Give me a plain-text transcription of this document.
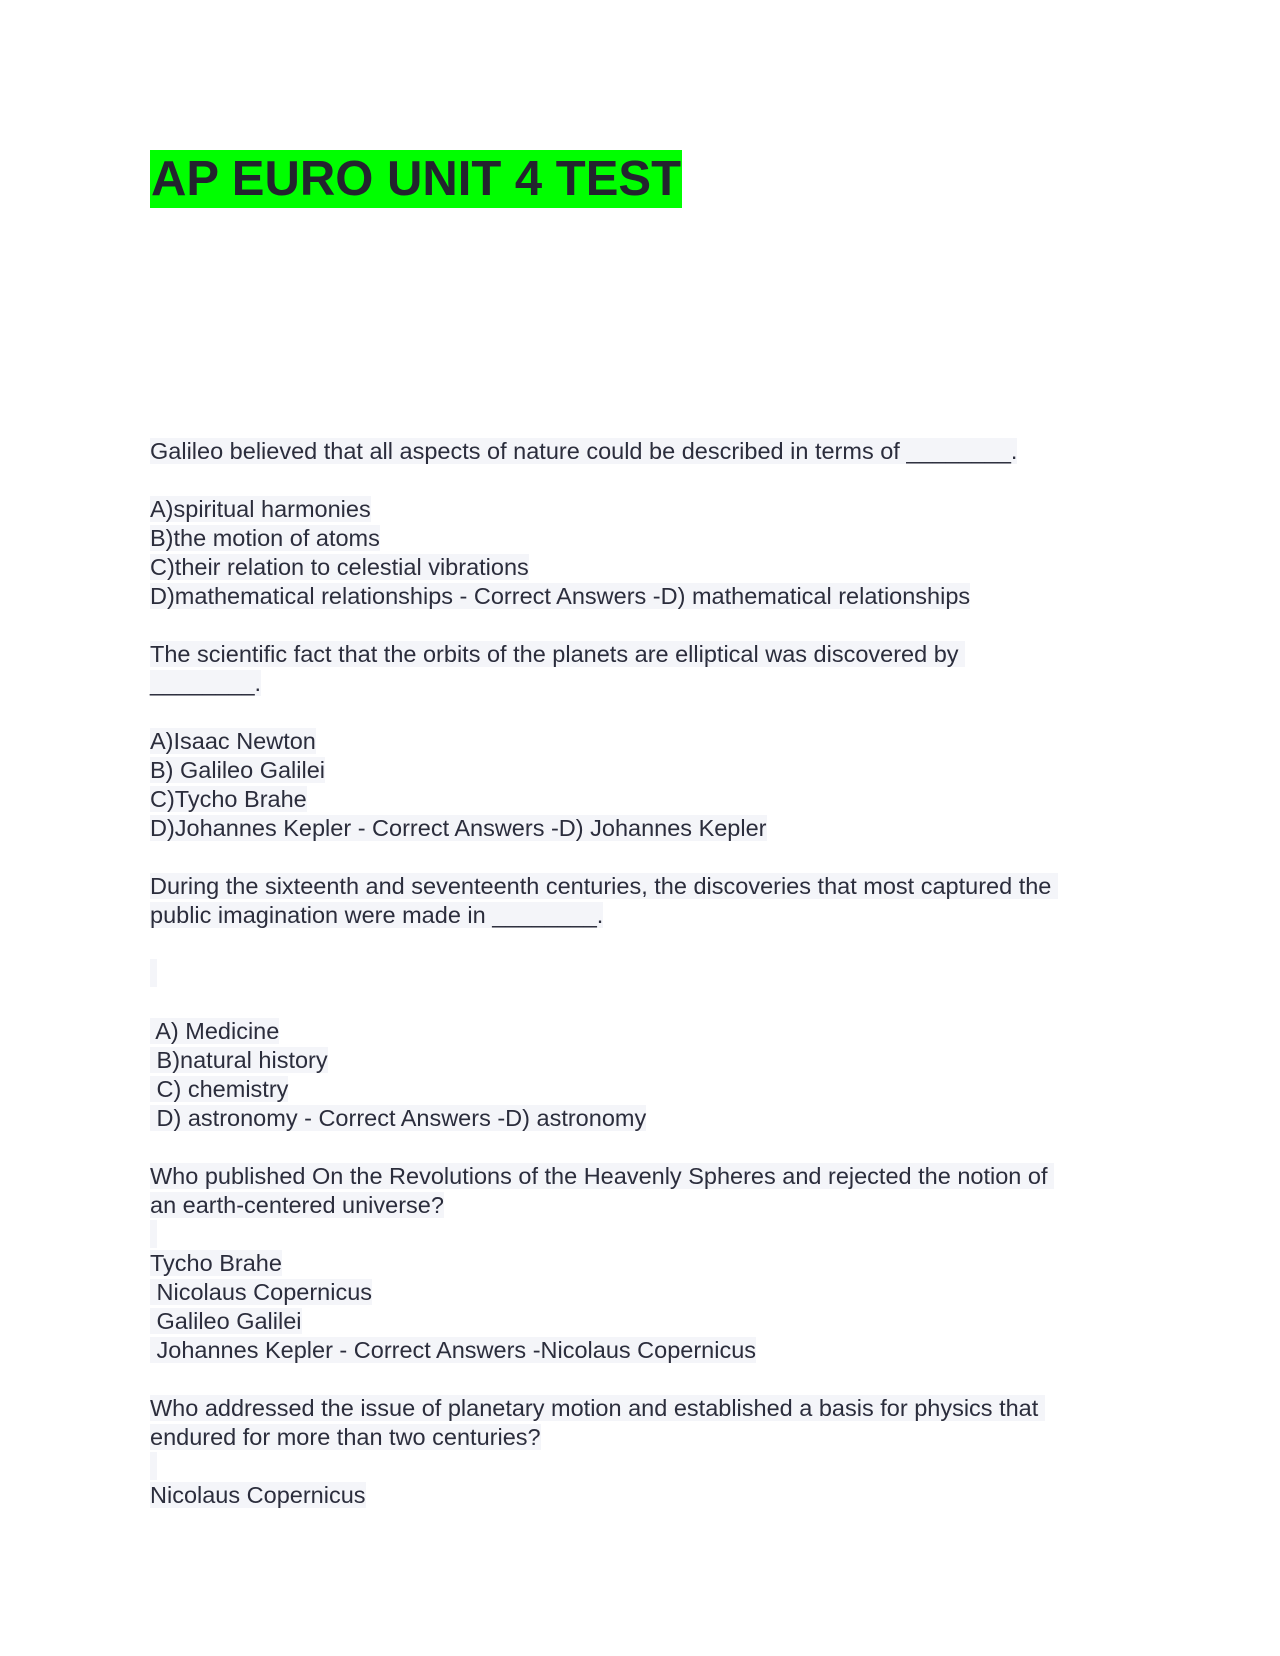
AP EURO UNIT 4 TEST
Galileo believed that all aspects of nature could be described in terms of ________.
A)spiritual harmonies
B)the motion of atoms
C)their relation to celestial vibrations
D)mathematical relationships - Correct Answers -D) mathematical relationships
The scientific fact that the orbits of the planets are elliptical was discovered by
________.
A)Isaac Newton
B) Galileo Galilei
C)Tycho Brahe
D)Johannes Kepler - Correct Answers -D) Johannes Kepler
During the sixteenth and seventeenth centuries, the discoveries that most captured the
public imagination were made in ________.
A) Medicine
B)natural history
C) chemistry
D) astronomy - Correct Answers -D) astronomy
Who published On the Revolutions of the Heavenly Spheres and rejected the notion of
an earth-centered universe?
Tycho Brahe
Nicolaus Copernicus
Galileo Galilei
Johannes Kepler - Correct Answers -Nicolaus Copernicus
Who addressed the issue of planetary motion and established a basis for physics that
endured for more than two centuries?
Nicolaus Copernicus
